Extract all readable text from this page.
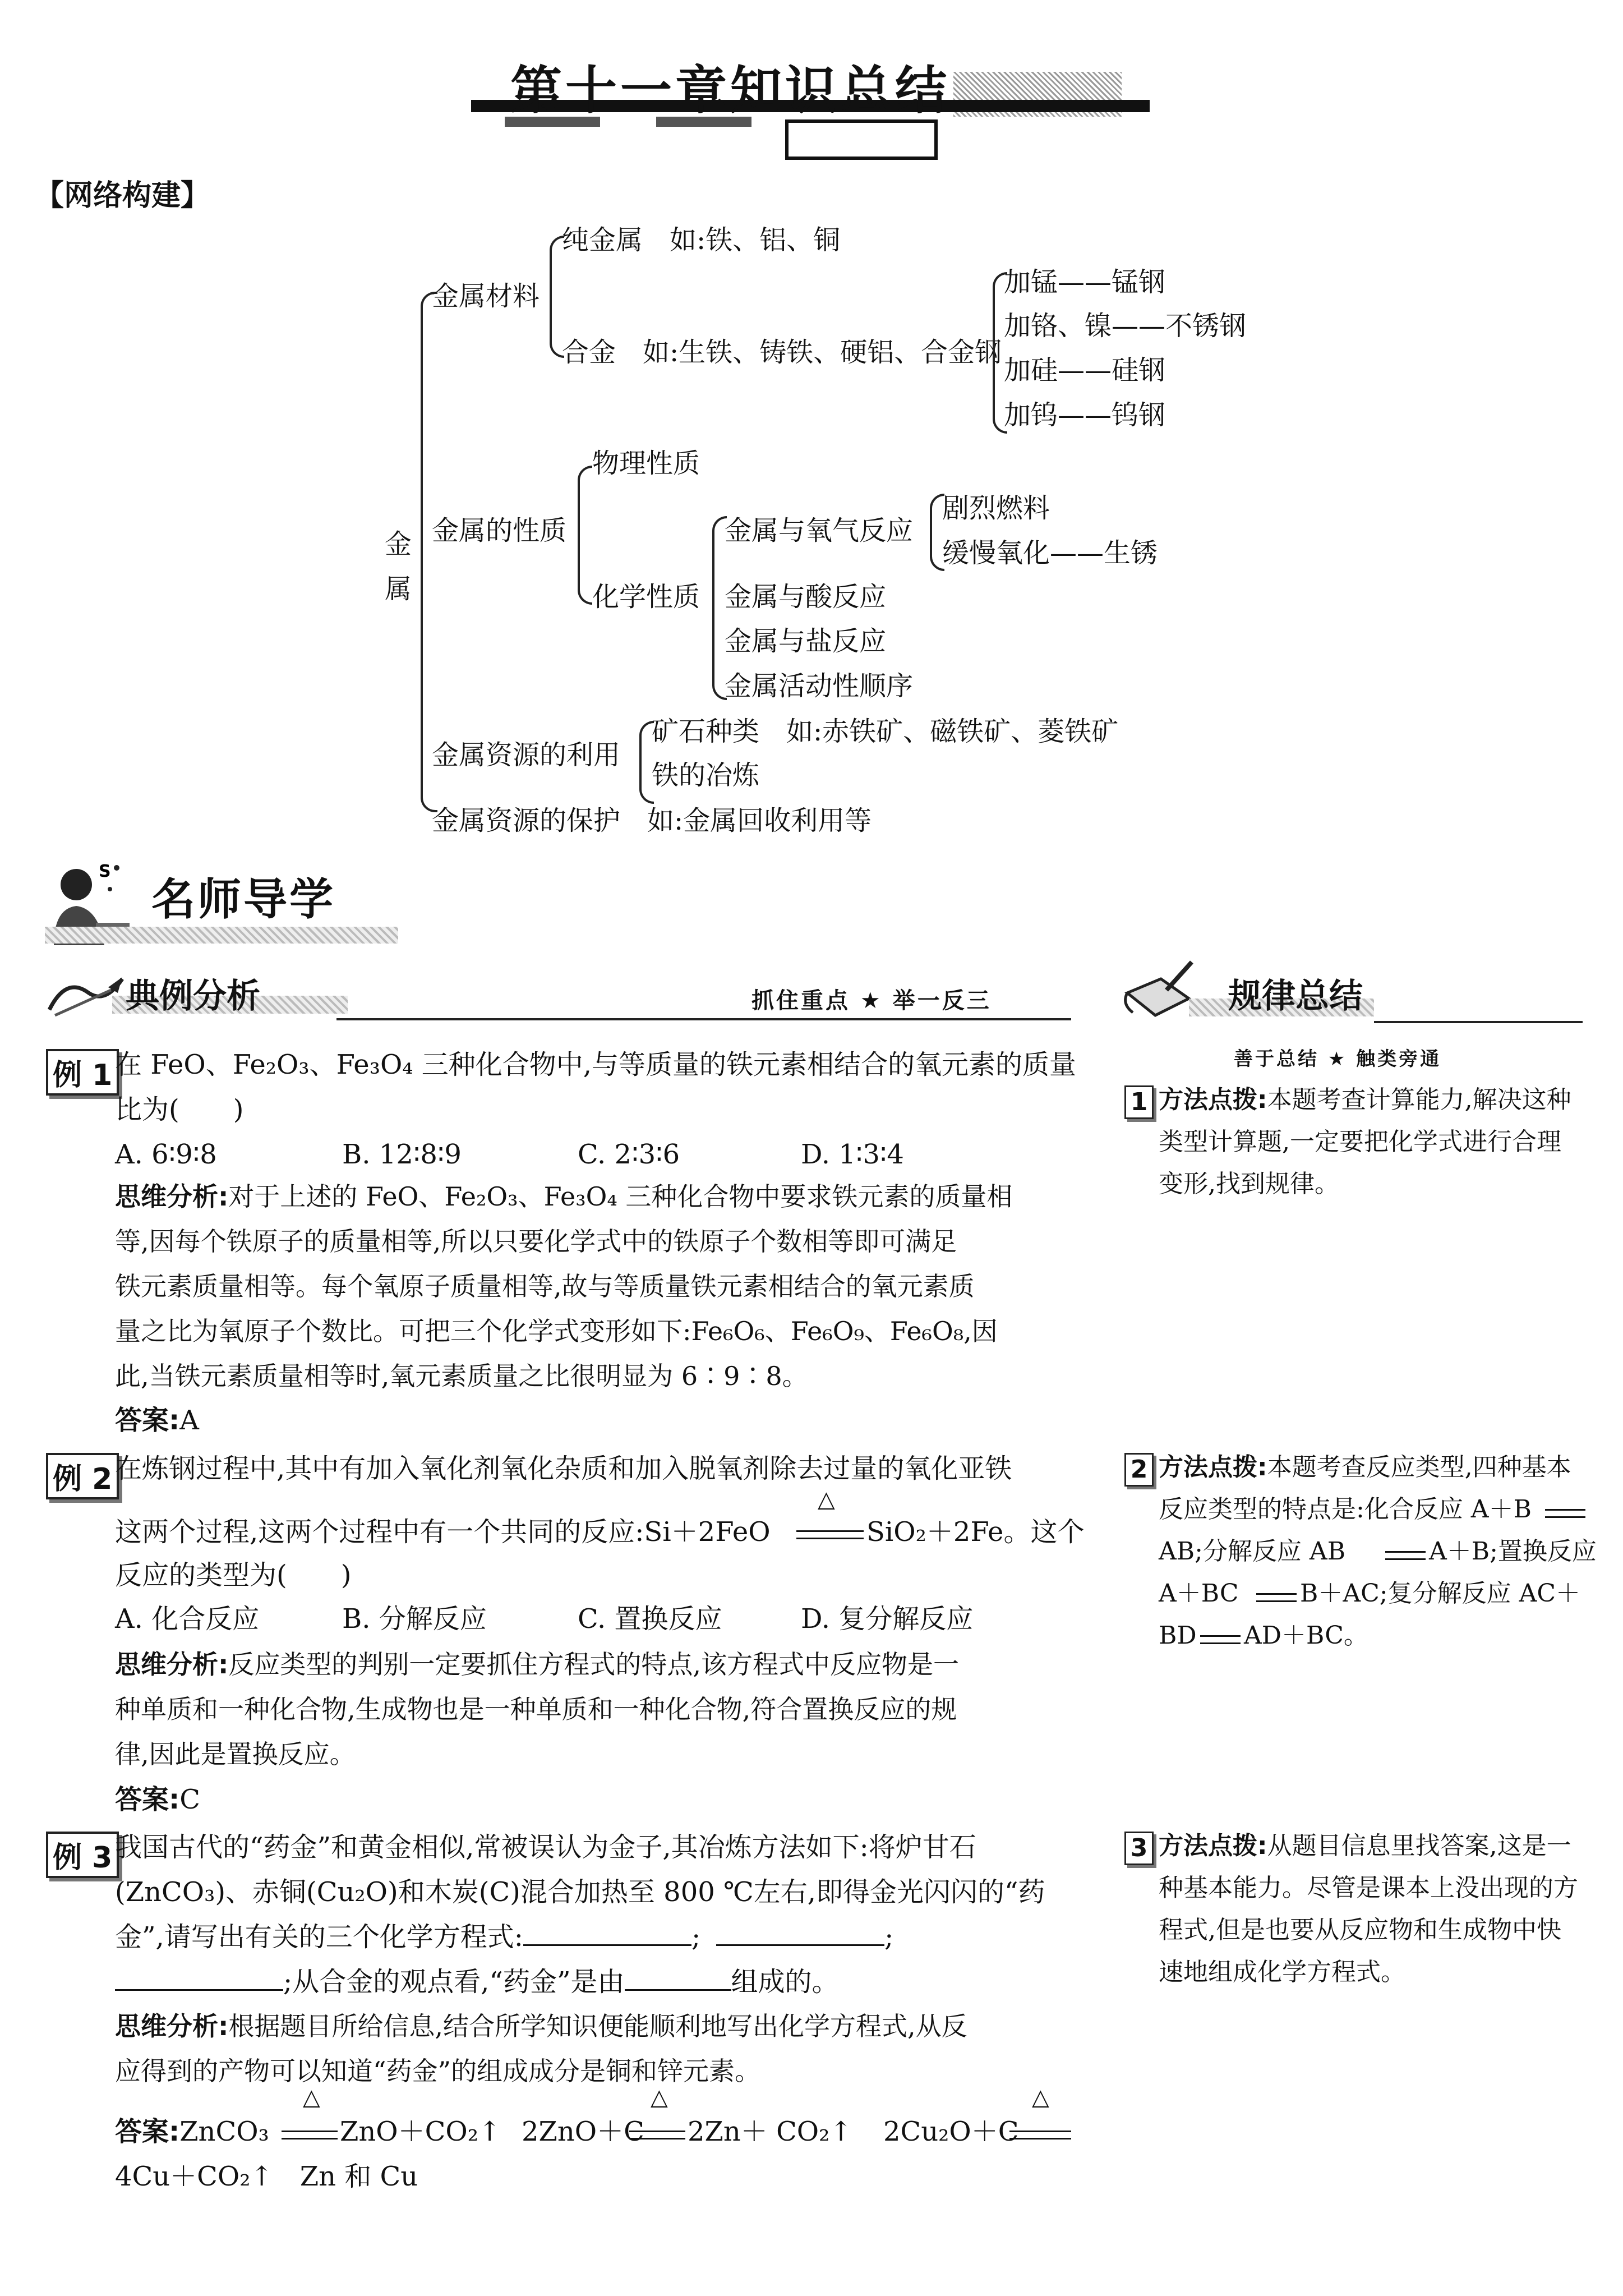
第十一章知识总结
【网络构建】
金属
金属材料
纯金属　如:铁、铝、铜
合金　如:生铁、铸铁、硬铝、合金钢
加锰——锰钢
加铬、镍——不锈钢
加硅——硅钢
加钨——钨钢
金属的性质
物理性质
化学性质
金属与氧气反应
金属与酸反应
金属与盐反应
金属活动性顺序
剧烈燃料
缓慢氧化——生锈
金属资源的利用
矿石种类　如:赤铁矿、磁铁矿、菱铁矿
铁的冶炼
金属资源的保护　如:金属回收利用等
S
名师导学
典例分析	抓住重点 ★ 举一反三	规律总结
善于总结 ★ 触类旁通
例 1 在 FeO、Fe₂O₃、Fe₃O₄ 三种化合物中,与等质量的铁元素相结合的氧元素的质量
比为(　　)
A. 6∶9∶8	B. 12∶8∶9	C. 2∶3∶6	D. 1∶3∶4
思维分析:对于上述的 FeO、Fe₂O₃、Fe₃O₄ 三种化合物中要求铁元素的质量相
等,因每个铁原子的质量相等,所以只要化学式中的铁原子个数相等即可满足
铁元素质量相等。每个氧原子质量相等,故与等质量铁元素相结合的氧元素质
量之比为氧原子个数比。可把三个化学式变形如下:Fe₆O₆、Fe₆O₉、Fe₆O₈,因
此,当铁元素质量相等时,氧元素质量之比很明显为 6∶9∶8。
答案:A
例 2 在炼钢过程中,其中有加入氧化剂氧化杂质和加入脱氧剂除去过量的氧化亚铁
这两个过程,这两个过程中有一个共同的反应:Si＋2FeO
△
SiO₂＋2Fe。这个
反应的类型为(　　)
A. 化合反应	B. 分解反应	C. 置换反应	D. 复分解反应
思维分析:反应类型的判别一定要抓住方程式的特点,该方程式中反应物是一
种单质和一种化合物,生成物也是一种单质和一种化合物,符合置换反应的规
律,因此是置换反应。
答案:C
例 3 我国古代的“药金”和黄金相似,常被误认为金子,其冶炼方法如下:将炉甘石
(ZnCO₃)、赤铜(Cu₂O)和木炭(C)混合加热至 800 ℃左右,即得金光闪闪的“药
金”,请写出有关的三个化学方程式:	;	;
;从合金的观点看,“药金”是由	组成的。
思维分析:根据题目所给信息,结合所学知识便能顺利地写出化学方程式,从反
应得到的产物可以知道“药金”的组成成分是铜和锌元素。
答案:ZnCO₃
△
ZnO＋CO₂↑ 2ZnO＋C
△
2Zn＋ CO₂↑ 2Cu₂O＋C
△
4Cu＋CO₂↑　Zn 和 Cu
1 方法点拨:本题考查计算能力,解决这种
类型计算题,一定要把化学式进行合理
变形,找到规律。
2 方法点拨:本题考查反应类型,四种基本
反应类型的特点是:化合反应 A＋B
AB;分解反应 AB	A＋B;置换反应
A＋BC B＋AC;复分解反应 AC＋
BD AD＋BC。
3 方法点拨:从题目信息里找答案,这是一
种基本能力。尽管是课本上没出现的方
程式,但是也要从反应物和生成物中快
速地组成化学方程式。
